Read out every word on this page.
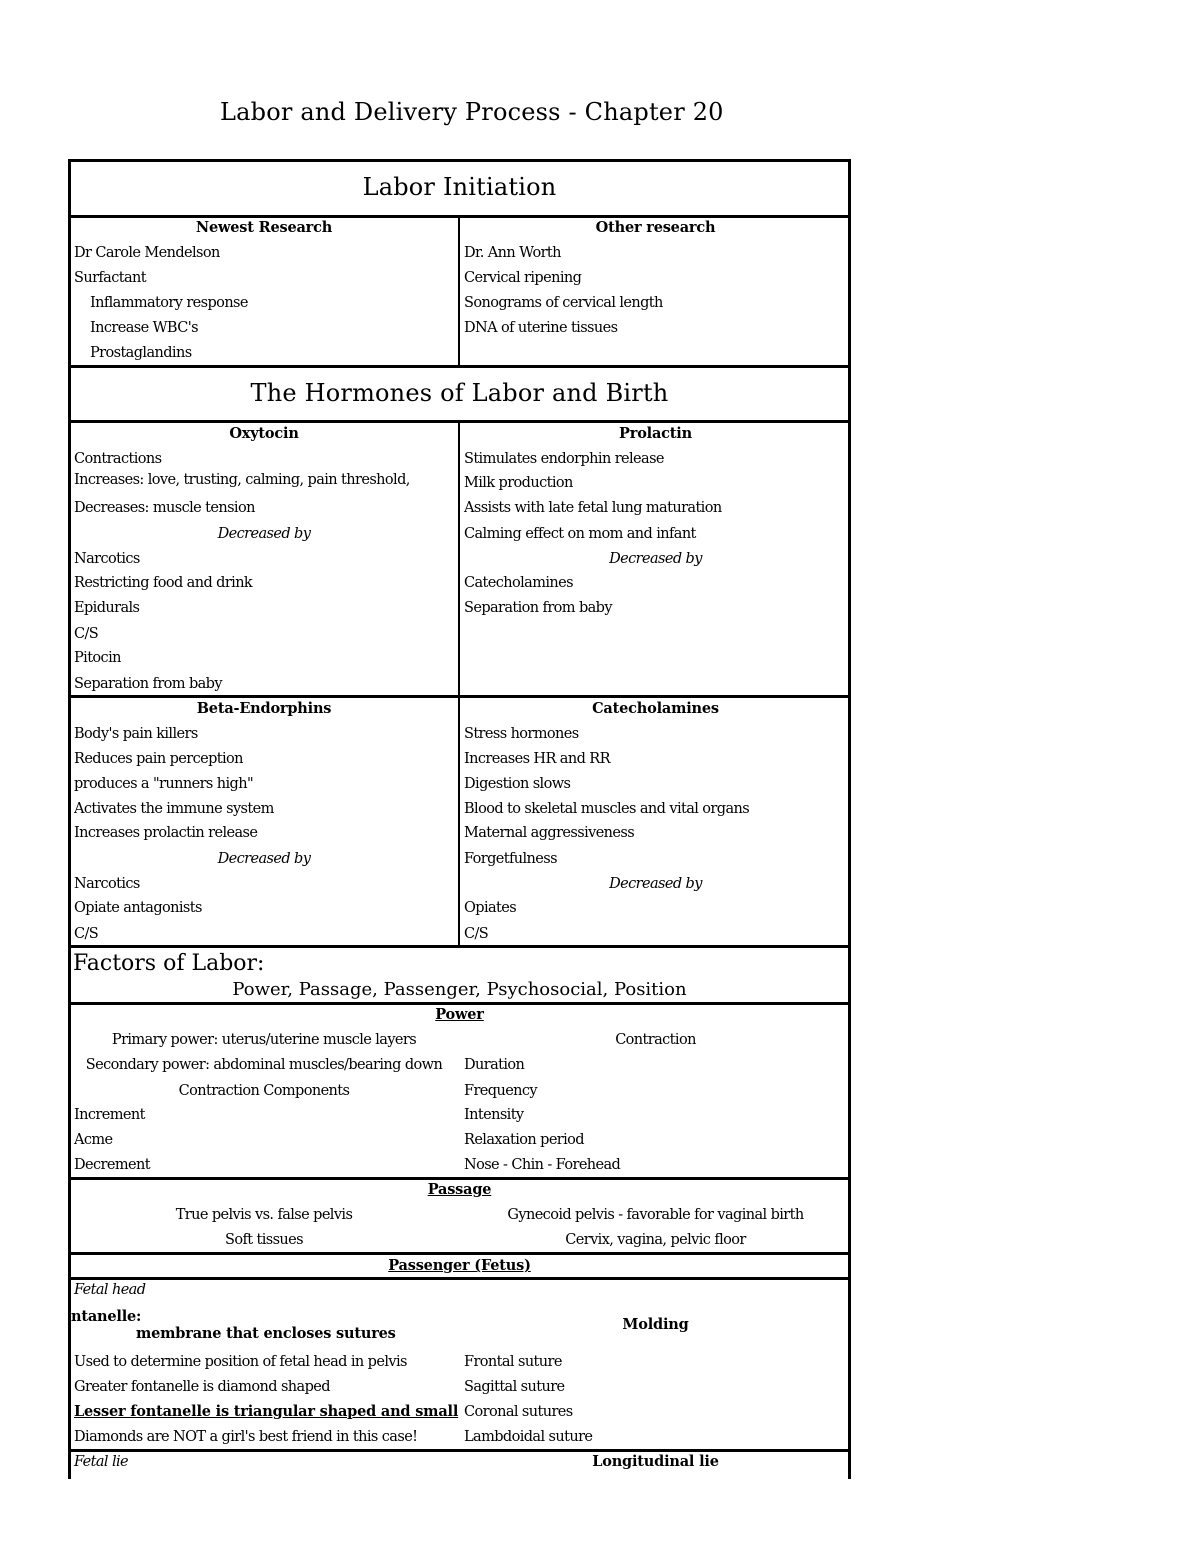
Labor and Delivery Process - Chapter 20
Labor Initiation
Newest Research	Other research
Dr Carole Mendelson
Surfactant
Inflammatory response
Increase WBC's
Prostaglandins
Dr. Ann Worth
Cervical ripening
Sonograms of cervical length
DNA of uterine tissues
The Hormones of Labor and Birth
Oxytocin
Contractions
Increases: love, trusting, calming, pain threshold,
Decreases: muscle tension
Decreased by
Narcotics
Restricting food and drink
Epidurals
C/S
Pitocin
Separation from baby
Prolactin
Stimulates endorphin release
Milk production
Assists with late fetal lung maturation
Calming effect on mom and infant
Decreased by
Catecholamines
Separation from baby
Beta-Endorphins
Body's pain killers
Reduces pain perception
produces a "runners high"
Activates the immune system
Increases prolactin release
Decreased by
Narcotics
Opiate antagonists
C/S
Catecholamines
Stress hormones
Increases HR and RR
Digestion slows
Blood to skeletal muscles and vital organs
Maternal aggressiveness
Forgetfulness
Decreased by
Opiates
C/S
Factors of Labor:
Power, Passage, Passenger, Psychosocial, Position
Power
Primary power: uterus/uterine muscle layers
Secondary power: abdominal muscles/bearing down
Contraction Components
Increment
Acme
Decrement
Contraction
Duration
Frequency
Intensity
Relaxation period
Nose - Chin - Forehead
Passage
True pelvis vs. false pelvis
Soft tissues
Gynecoid pelvis - favorable for vaginal birth
Cervix, vagina, pelvic floor
Passenger (Fetus)
Fetal head
ntanelle:
membrane that encloses sutures
Used to determine position of fetal head in pelvis
Greater fontanelle is diamond shaped
Lesser fontanelle is triangular shaped and small
Diamonds are NOT a girl's best friend in this case!
Molding
Frontal suture
Sagittal suture
Coronal sutures
Lambdoidal suture
Fetal lie	Longitudinal lie
